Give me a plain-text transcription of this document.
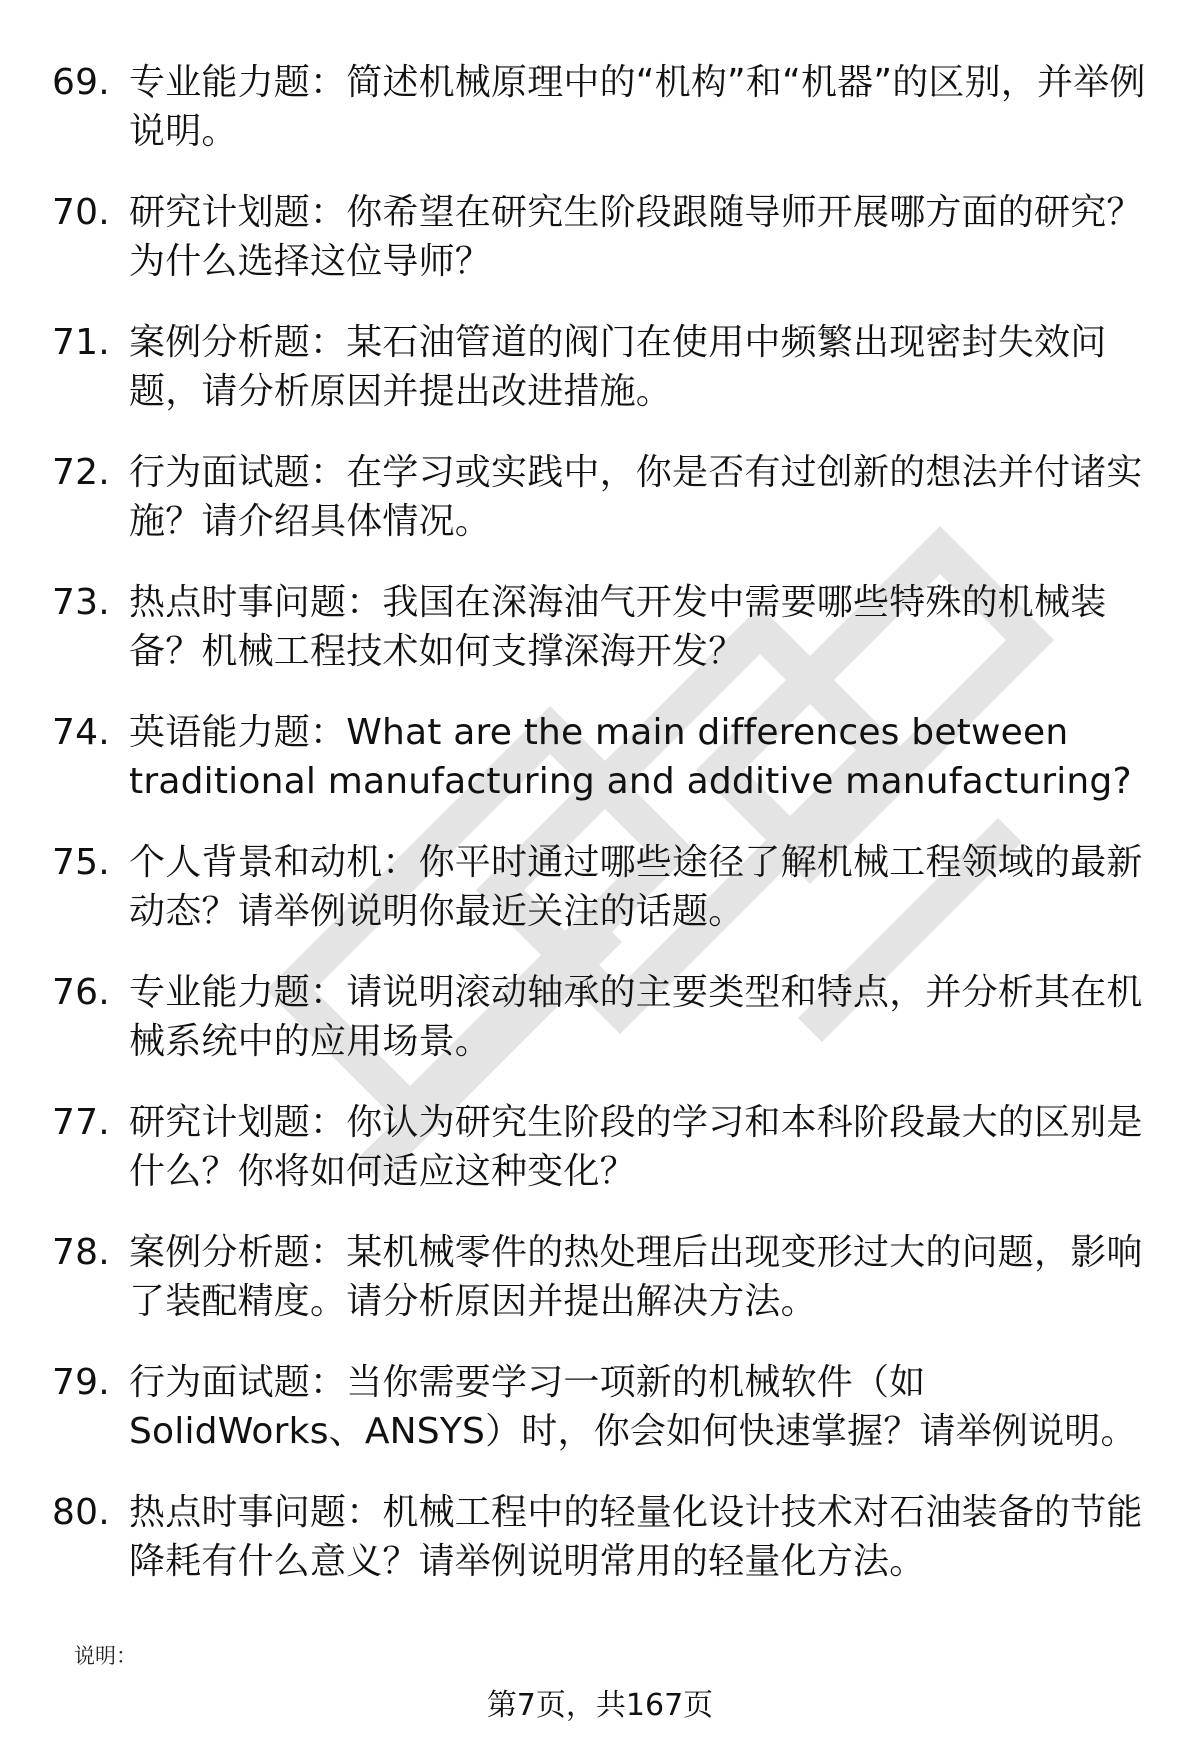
69. 专业能力题：简述机械原理中的“机构”和“机器”的区别，并举例说明。
70. 研究计划题：你希望在研究生阶段跟随导师开展哪方面的研究？为什么选择这位导师？
71. 案例分析题：某石油管道的阀门在使用中频繁出现密封失效问题，请分析原因并提出改进措施。
72. 行为面试题：在学习或实践中，你是否有过创新的想法并付诸实施？请介绍具体情况。
73. 热点时事问题：我国在深海油气开发中需要哪些特殊的机械装备？机械工程技术如何支撑深海开发？
74. 英语能力题：What are the main differences between traditional manufacturing and additive manufacturing?
75. 个人背景和动机：你平时通过哪些途径了解机械工程领域的最新动态？请举例说明你最近关注的话题。
76. 专业能力题：请说明滚动轴承的主要类型和特点，并分析其在机械系统中的应用场景。
77. 研究计划题：你认为研究生阶段的学习和本科阶段最大的区别是什么？你将如何适应这种变化？
78. 案例分析题：某机械零件的热处理后出现变形过大的问题，影响了装配精度。请分析原因并提出解决方法。
79. 行为面试题：当你需要学习一项新的机械软件（如SolidWorks、ANSYS）时，你会如何快速掌握？请举例说明。
80. 热点时事问题：机械工程中的轻量化设计技术对石油装备的节能降耗有什么意义？请举例说明常用的轻量化方法。
说明：
第7页，共167页
